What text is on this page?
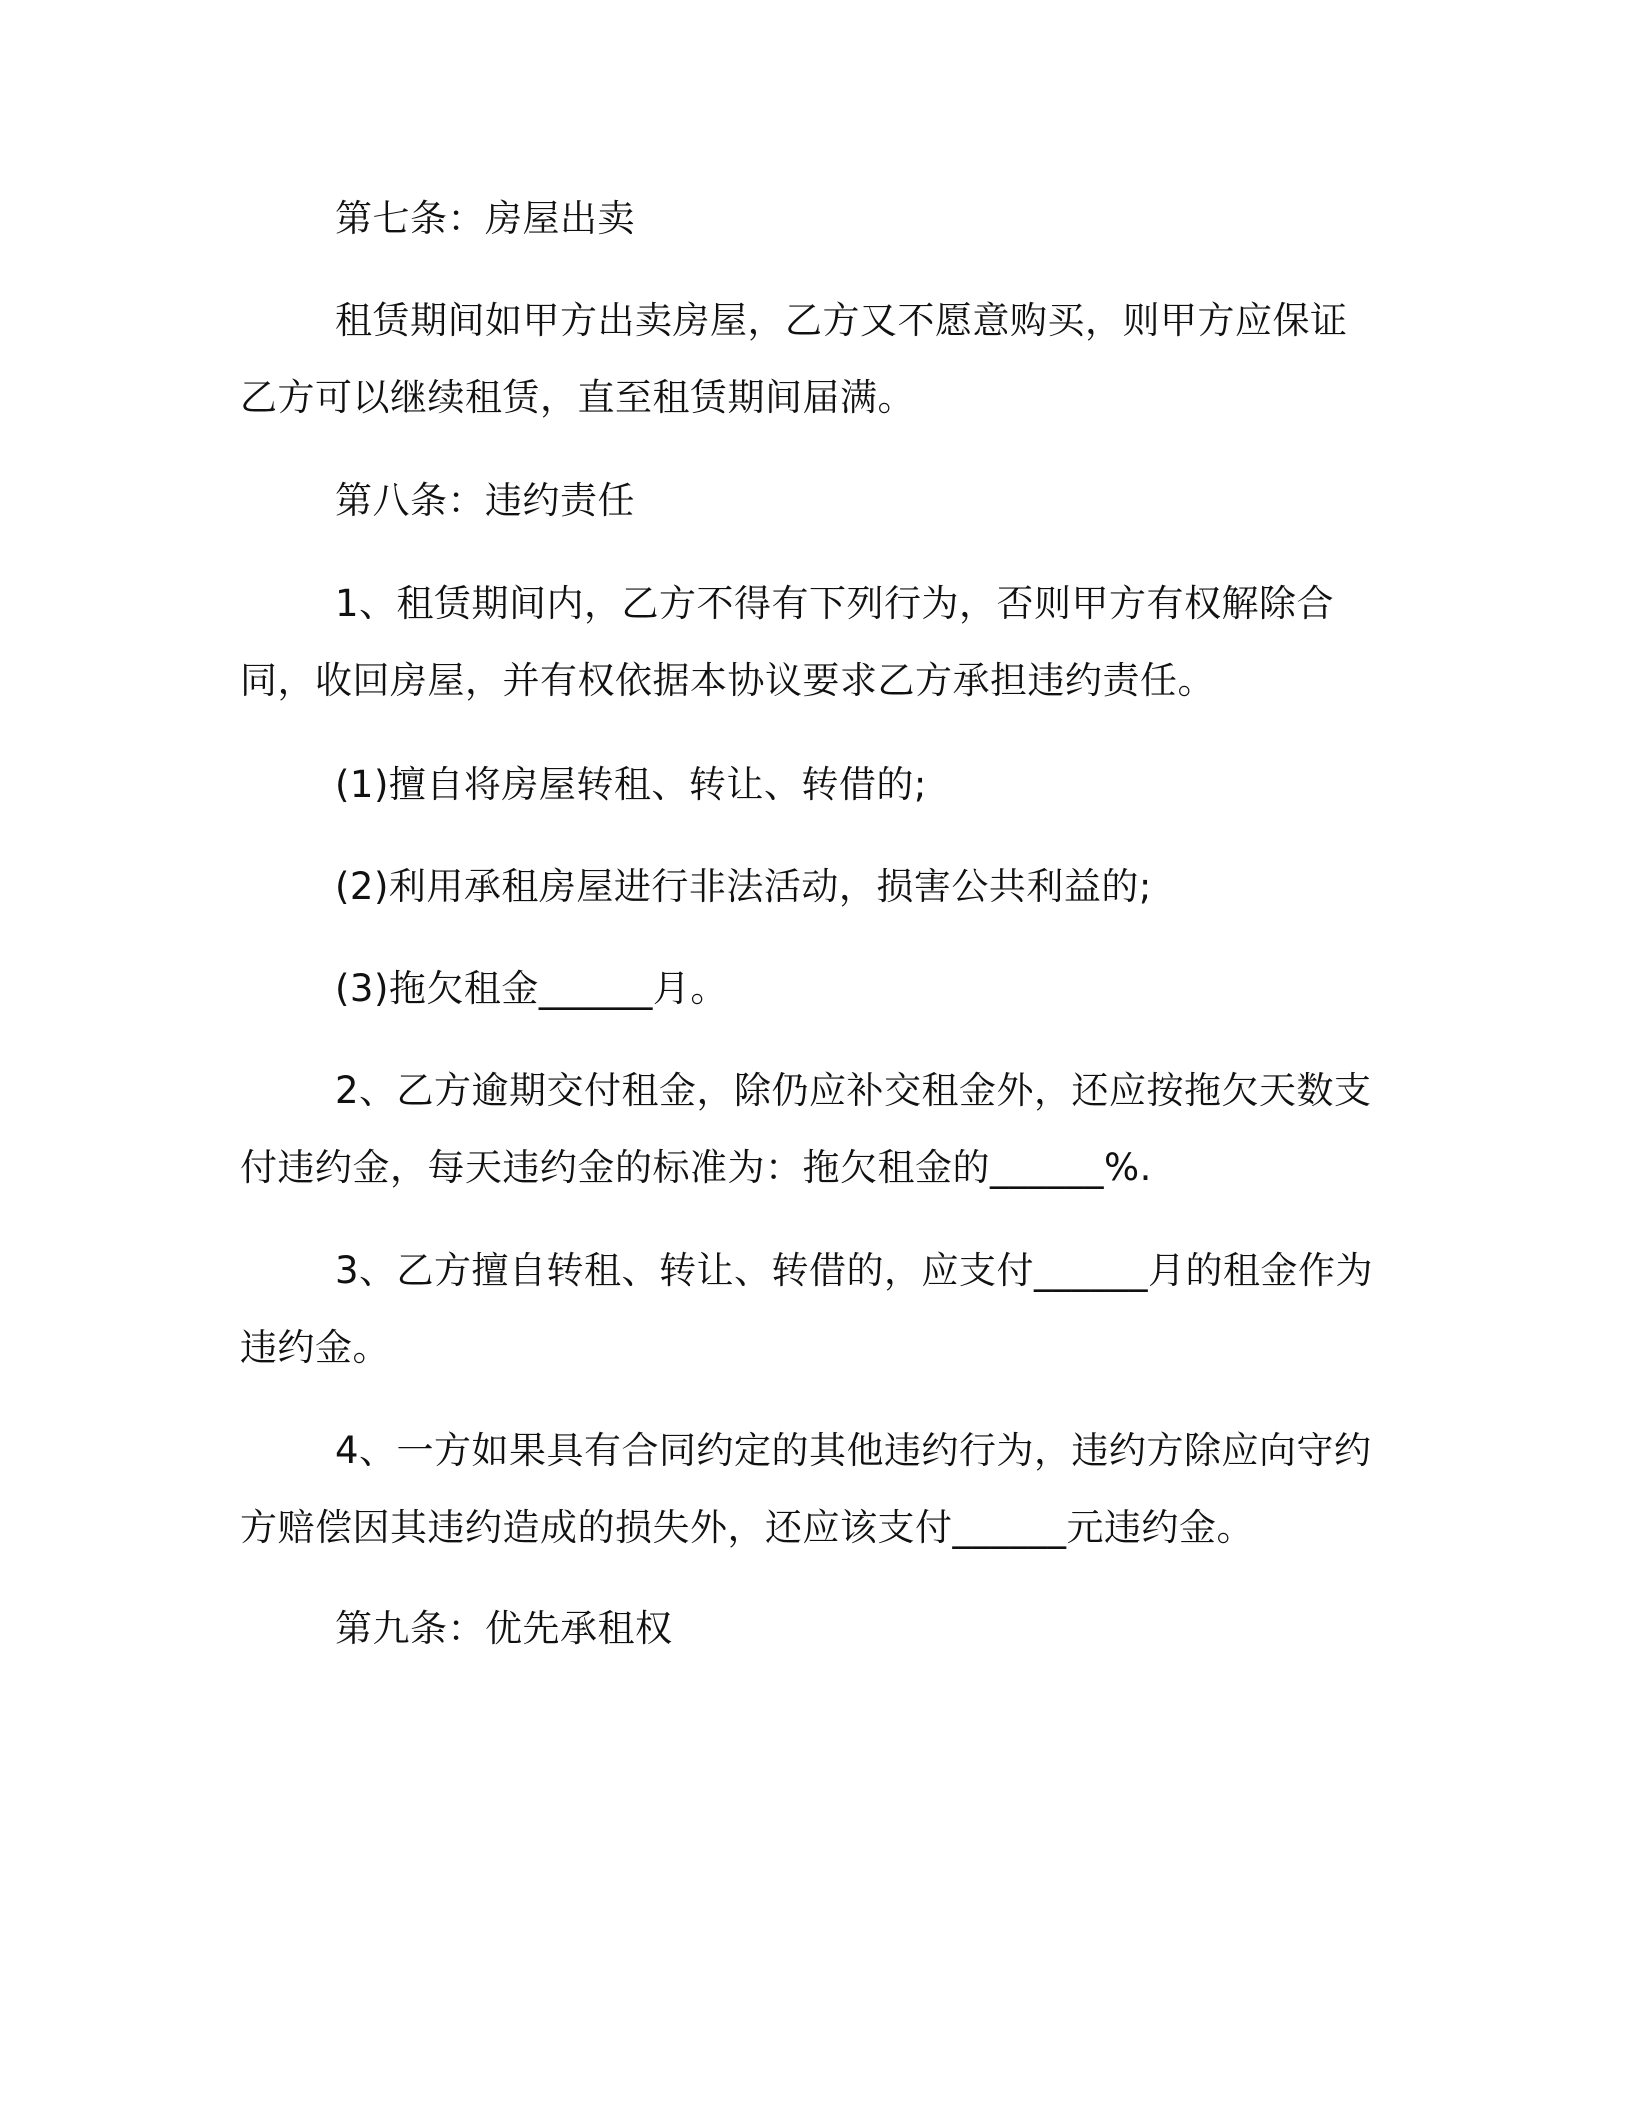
第七条：房屋出卖

租赁期间如甲方出卖房屋，乙方又不愿意购买，则甲方应保证乙方可以继续租赁，直至租赁期间届满。

第八条：违约责任

1、租赁期间内，乙方不得有下列行为，否则甲方有权解除合同，收回房屋，并有权依据本协议要求乙方承担违约责任。

(1)擅自将房屋转租、转让、转借的;

(2)利用承租房屋进行非法活动，损害公共利益的;

(3)拖欠租金______月。

2、乙方逾期交付租金，除仍应补交租金外，还应按拖欠天数支付违约金，每天违约金的标准为：拖欠租金的______%.

3、乙方擅自转租、转让、转借的，应支付______月的租金作为违约金。

4、一方如果具有合同约定的其他违约行为，违约方除应向守约方赔偿因其违约造成的损失外，还应该支付______元违约金。

第九条：优先承租权
